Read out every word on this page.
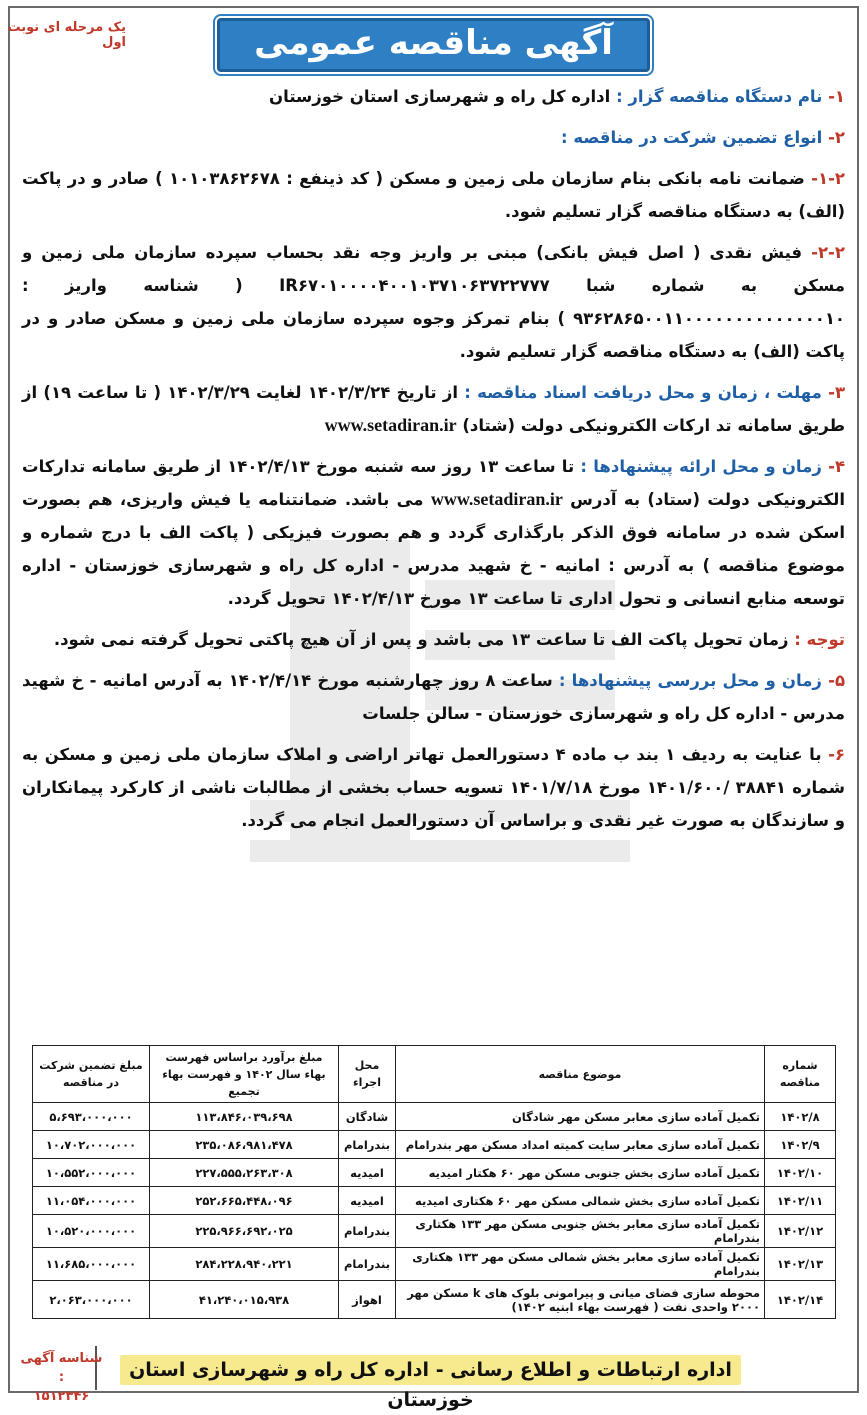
یک مرحله ای نوبت اول	آگهی مناقصه عمومی

۱- نام دستگاه مناقصه گزار : اداره کل راه و شهرسازی استان خوزستان

۲- انواع تضمین شرکت در مناقصه :

۱-۲- ضمانت نامه بانکی بنام سازمان ملی زمین و مسکن ( کد ذینفع : ۱۰۱۰۳۸۶۲۶۷۸ ) صادر و در پاکت (الف) به دستگاه مناقصه گزار تسلیم شود.

۲-۲- فیش نقدی ( اصل فیش بانکی) مبنی بر واریز وجه نقد بحساب سپرده سازمان ملی زمین و مسکن به شماره شبا IR۶۷۰۱۰۰۰۰۴۰۰۱۰۳۷۱۰۶۳۷۲۲۷۷۷ ( شناسه واریز : ۹۳۶۲۸۶۵۰۰۱۱۰۰۰۰۰۰۰۰۰۰۰۰۰۰۱۰ ) بنام تمرکز وجوه سپرده سازمان ملی زمین و مسکن صادر و در پاکت (الف) به دستگاه مناقصه گزار تسلیم شود.

۳- مهلت ، زمان و محل دریافت اسناد مناقصه : از تاریخ ۱۴۰۲/۳/۲۴ لغایت ۱۴۰۲/۳/۲۹ ( تا ساعت ۱۹) از طریق سامانه تد ارکات الکترونیکی دولت (شتاد) www.setadiran.ir

۴- زمان و محل ارائه پیشنهادها : تا ساعت ۱۳ روز سه شنبه مورخ ۱۴۰۲/۴/۱۳ از طریق سامانه تدارکات الکترونیکی دولت (ستاد) به آدرس www.setadiran.ir می باشد. ضمانتنامه یا فیش واریزی، هم بصورت اسکن شده در سامانه فوق الذکر بارگذاری گردد و هم بصورت فیزیکی ( پاکت الف با درج شماره و موضوع مناقصه ) به آدرس : امانیه - خ شهید مدرس - اداره کل راه و شهرسازی خوزستان - اداره توسعه منابع انسانی و تحول اداری تا ساعت ۱۳ مورخ ۱۴۰۲/۴/۱۳ تحویل گردد.

توجه : زمان تحویل پاکت الف تا ساعت ۱۳ می باشد و پس از آن هیچ پاکتی تحویل گرفته نمی شود.

۵- زمان و محل بررسی پیشنهادها : ساعت ۸ روز چهارشنبه مورخ ۱۴۰۲/۴/۱۴ به آدرس امانیه - خ شهید مدرس - اداره کل راه و شهرسازی خوزستان - سالن جلسات

۶- با عنایت به ردیف ۱ بند ب ماده ۴ دستورالعمل تهاتر اراضی و املاک سازمان ملی زمین و مسکن به شماره ۳۸۸۴۱ /۱۴۰۱/۶۰۰ مورخ ۱۴۰۱/۷/۱۸ تسویه حساب بخشی از مطالبات ناشی از کارکرد پیمانکاران و سازندگان به صورت غیر نقدی و براساس آن دستورالعمل انجام می گردد.

شماره مناقصه	موضوع مناقصه	محل اجراء	مبلغ برآورد براساس فهرست بهاء سال ۱۴۰۲ و فهرست بهاء تجمیع	مبلغ تضمین شرکت در مناقصه
۱۴۰۲/۸	تکمیل آماده سازی معابر مسکن مهر شادگان	شادگان	۱۱۳،۸۴۶،۰۳۹،۶۹۸	۵،۶۹۳،۰۰۰،۰۰۰
۱۴۰۲/۹	تکمیل آماده سازی معابر سایت کمیته امداد مسکن مهر بندرامام	بندرامام	۲۳۵،۰۸۶،۹۸۱،۴۷۸	۱۰،۷۰۲،۰۰۰،۰۰۰
۱۴۰۲/۱۰	تکمیل آماده سازی بخش جنوبی مسکن مهر ۶۰ هکتار امیدیه	امیدیه	۲۲۷،۵۵۵،۲۶۳،۳۰۸	۱۰،۵۵۲،۰۰۰،۰۰۰
۱۴۰۲/۱۱	تکمیل آماده سازی بخش شمالی مسکن مهر ۶۰ هکتاری امیدیه	امیدیه	۲۵۲،۶۶۵،۴۴۸،۰۹۶	۱۱،۰۵۴،۰۰۰،۰۰۰
۱۴۰۲/۱۲	تکمیل آماده سازی معابر بخش جنوبی مسکن مهر ۱۳۳ هکتاری بندرامام	بندرامام	۲۲۵،۹۶۶،۶۹۲،۰۲۵	۱۰،۵۲۰،۰۰۰،۰۰۰
۱۴۰۲/۱۳	تکمیل آماده سازی معابر بخش شمالی مسکن مهر ۱۳۳ هکتاری بندرامام	بندرامام	۲۸۴،۲۲۸،۹۴۰،۲۲۱	۱۱،۶۸۵،۰۰۰،۰۰۰
۱۴۰۲/۱۴	محوطه سازی فضای میانی و پیرامونی بلوک های k مسکن مهر ۲۰۰۰ واحدی نفت ( فهرست بهاء ابنیه ۱۴۰۲)	اهواز	۴۱،۲۴۰،۰۱۵،۹۳۸	۲،۰۶۳،۰۰۰،۰۰۰
شناسه آگهی :
۱۵۱۲۳۴۶
اداره ارتباطات و اطلاع رسانی - اداره کل راه و شهرسازی استان خوزستان
